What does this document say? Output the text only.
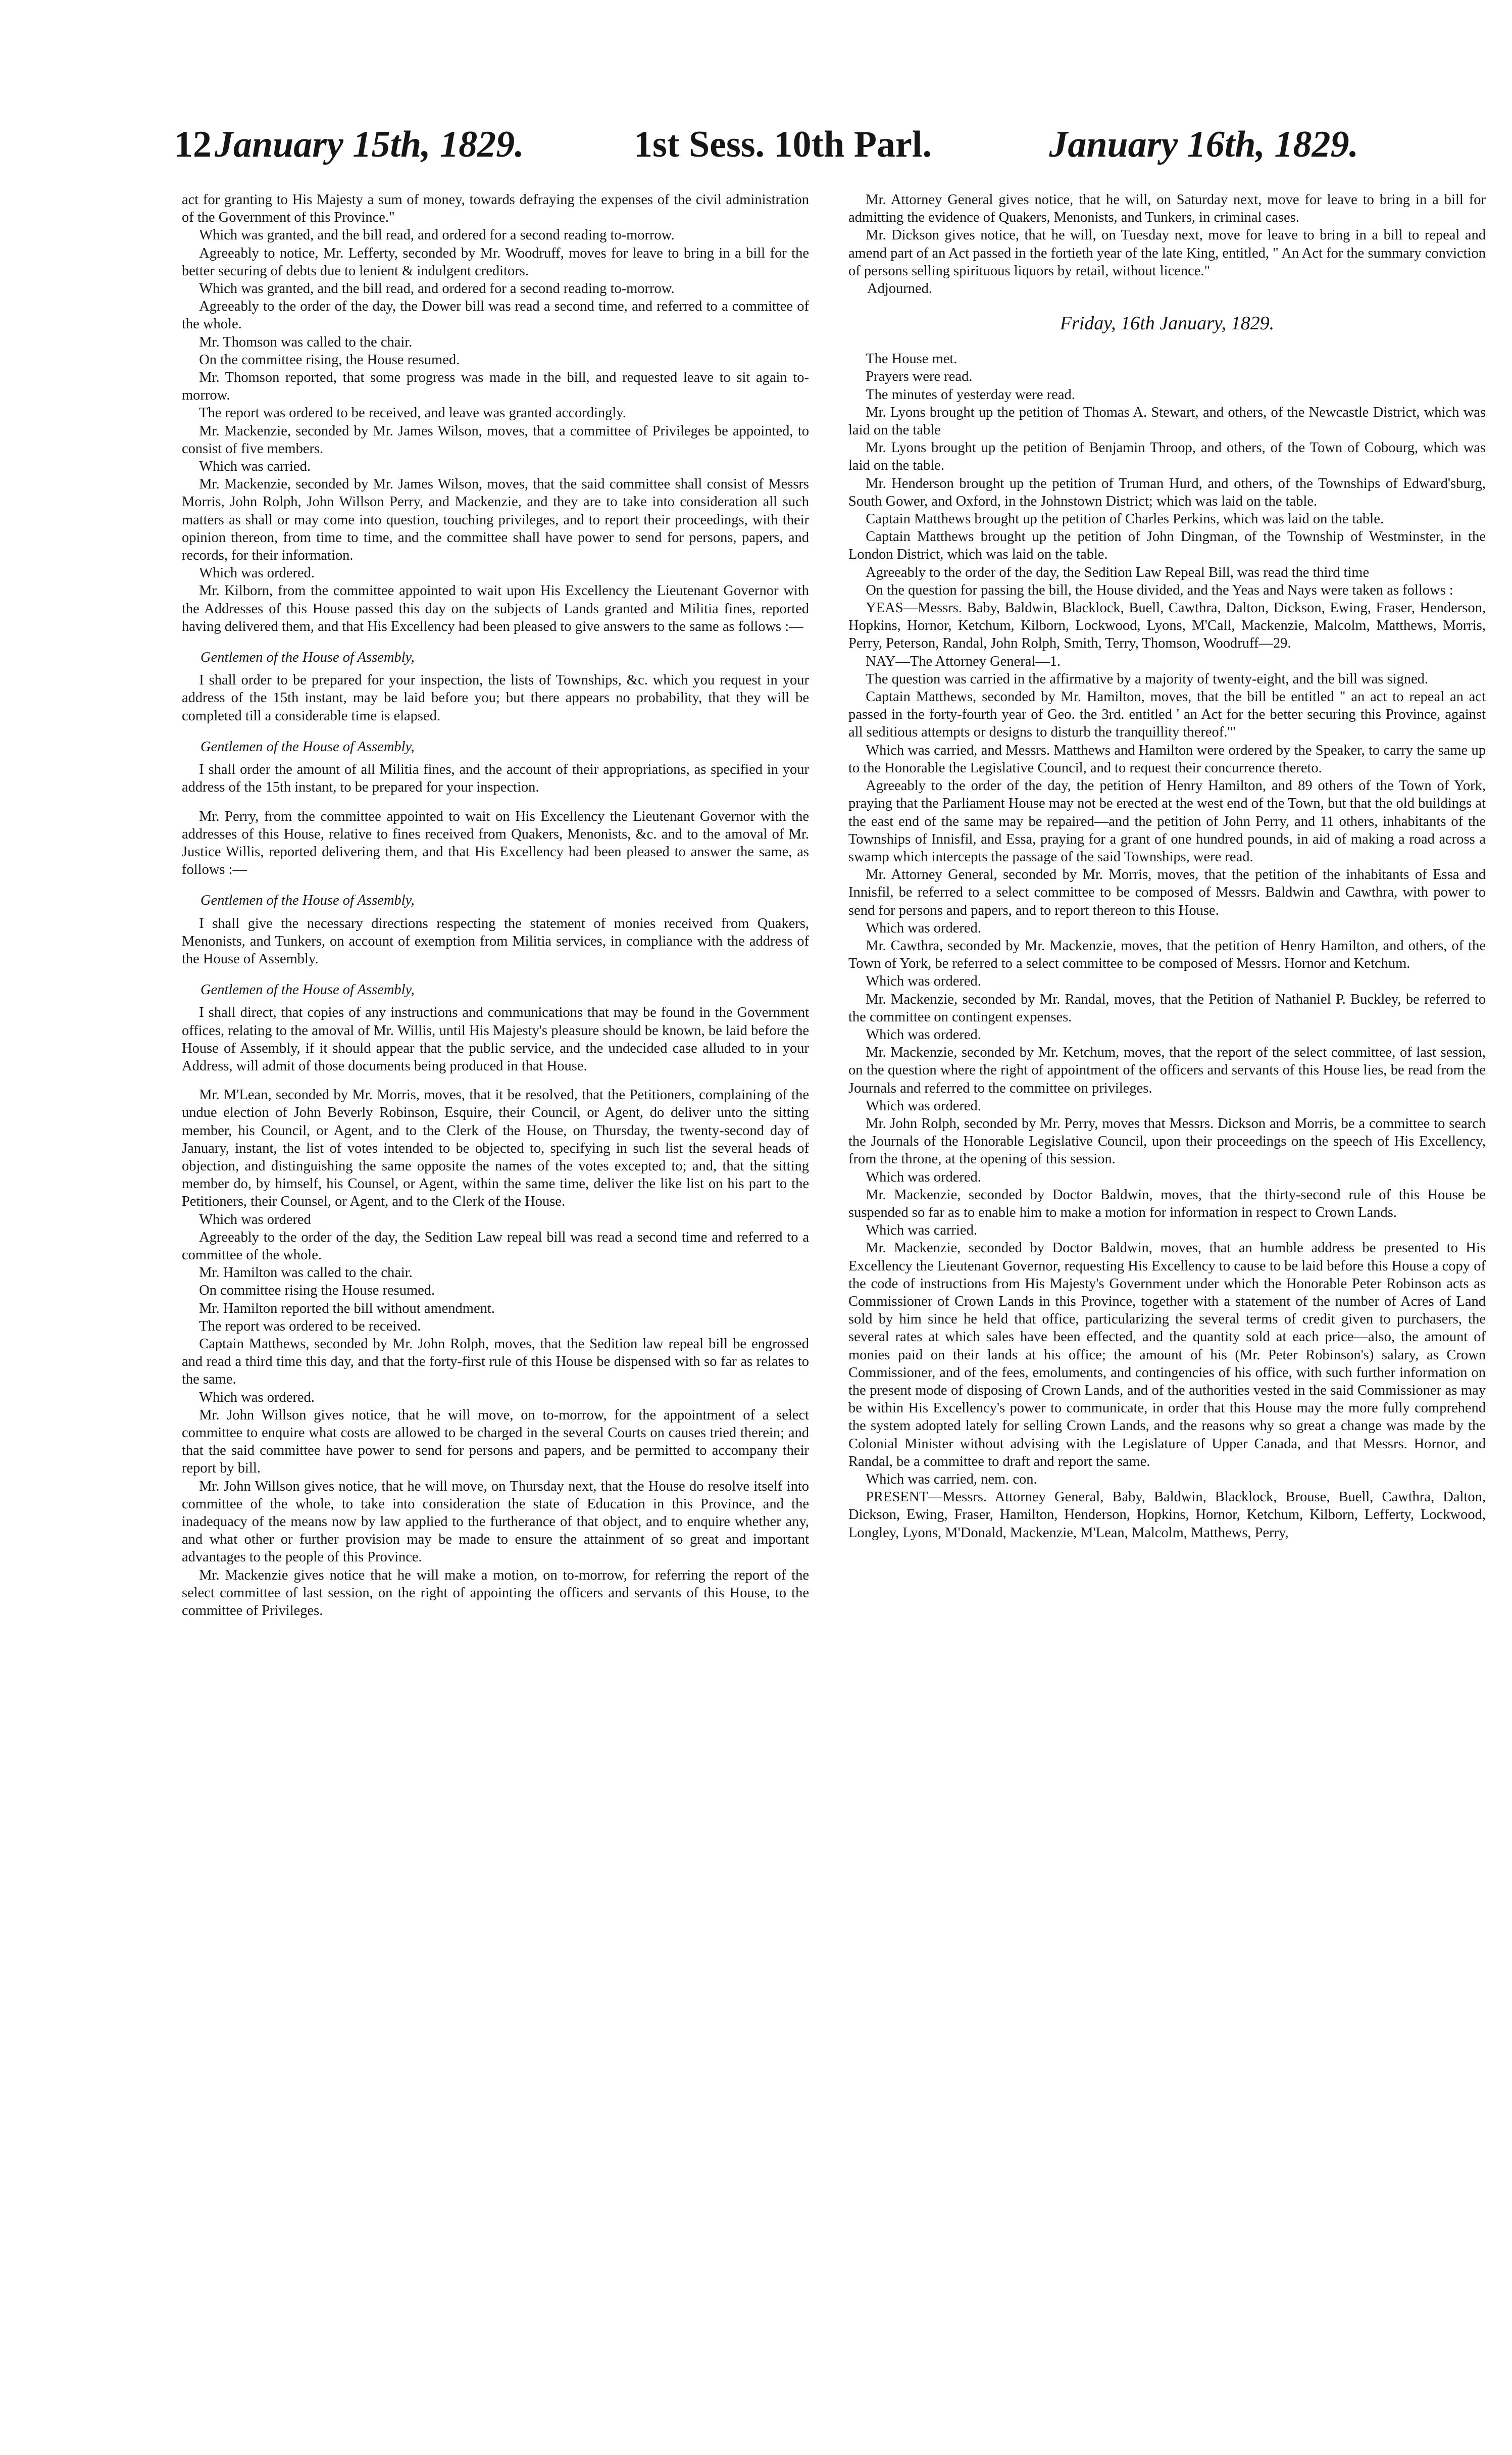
12 January 15th, 1829.	1st Sess. 10th Parl.	January 16th, 1829.

act for granting to His Majesty a sum of money, towards defraying the expenses of the civil administration of the Government of this Province."

Which was granted, and the bill read, and ordered for a second reading to-morrow.

Agreeably to notice, Mr. Lefferty, seconded by Mr. Woodruff, moves for leave to bring in a bill for the better securing of debts due to lenient & indulgent creditors.

Which was granted, and the bill read, and ordered for a second reading to-morrow.

Agreeably to the order of the day, the Dower bill was read a second time, and referred to a committee of the whole.

Mr. Thomson was called to the chair.

On the committee rising, the House resumed.

Mr. Thomson reported, that some progress was made in the bill, and requested leave to sit again to-morrow.

The report was ordered to be received, and leave was granted accordingly.

Mr. Mackenzie, seconded by Mr. James Wilson, moves, that a committee of Privileges be appointed, to consist of five members.

Which was carried.

Mr. Mackenzie, seconded by Mr. James Wilson, moves, that the said committee shall consist of Messrs Morris, John Rolph, John Willson Perry, and Mackenzie, and they are to take into consideration all such matters as shall or may come into question, touching privileges, and to report their proceedings, with their opinion thereon, from time to time, and the committee shall have power to send for persons, papers, and records, for their information.

Which was ordered.

Mr. Kilborn, from the committee appointed to wait upon His Excellency the Lieutenant Governor with the Addresses of this House passed this day on the subjects of Lands granted and Militia fines, reported having delivered them, and that His Excellency had been pleased to give answers to the same as follows :—

Gentlemen of the House of Assembly,

I shall order to be prepared for your inspection, the lists of Townships, &c. which you request in your address of the 15th instant, may be laid before you; but there appears no probability, that they will be completed till a considerable time is elapsed.

Gentlemen of the House of Assembly,

I shall order the amount of all Militia fines, and the account of their appropriations, as specified in your address of the 15th instant, to be prepared for your inspection.

Mr. Perry, from the committee appointed to wait on His Excellency the Lieutenant Governor with the addresses of this House, relative to fines received from Quakers, Menonists, &c. and to the amoval of Mr. Justice Willis, reported delivering them, and that His Excellency had been pleased to answer the same, as follows :—

Gentlemen of the House of Assembly,

I shall give the necessary directions respecting the statement of monies received from Quakers, Menonists, and Tunkers, on account of exemption from Militia services, in compliance with the address of the House of Assembly.

Gentlemen of the House of Assembly,

I shall direct, that copies of any instructions and communications that may be found in the Government offices, relating to the amoval of Mr. Willis, until His Majesty's pleasure should be known, be laid before the House of Assembly, if it should appear that the public service, and the undecided case alluded to in your Address, will admit of those documents being produced in that House.

Mr. M'Lean, seconded by Mr. Morris, moves, that it be resolved, that the Petitioners, complaining of the undue election of John Beverly Robinson, Esquire, their Council, or Agent, do deliver unto the sitting member, his Council, or Agent, and to the Clerk of the House, on Thursday, the twenty-second day of January, instant, the list of votes intended to be objected to, specifying in such list the several heads of objection, and distinguishing the same opposite the names of the votes excepted to; and, that the sitting member do, by himself, his Counsel, or Agent, within the same time, deliver the like list on his part to the Petitioners, their Counsel, or Agent, and to the Clerk of the House.

Which was ordered

Agreeably to the order of the day, the Sedition Law repeal bill was read a second time and referred to a committee of the whole.

Mr. Hamilton was called to the chair.

On committee rising the House resumed.

Mr. Hamilton reported the bill without amendment.

The report was ordered to be received.

Captain Matthews, seconded by Mr. John Rolph, moves, that the Sedition law repeal bill be engrossed and read a third time this day, and that the forty-first rule of this House be dispensed with so far as relates to the same.

Which was ordered.

Mr. John Willson gives notice, that he will move, on to-morrow, for the appointment of a select committee to enquire what costs are allowed to be charged in the several Courts on causes tried therein; and that the said committee have power to send for persons and papers, and be permitted to accompany their report by bill.

Mr. John Willson gives notice, that he will move, on Thursday next, that the House do resolve itself into committee of the whole, to take into consideration the state of Education in this Province, and the inadequacy of the means now by law applied to the furtherance of that object, and to enquire whether any, and what other or further provision may be made to ensure the attainment of so great and important advantages to the people of this Province.

Mr. Mackenzie gives notice that he will make a motion, on to-morrow, for referring the report of the select committee of last session, on the right of appointing the officers and servants of this House, to the committee of Privileges.

Mr. Attorney General gives notice, that he will, on Saturday next, move for leave to bring in a bill for admitting the evidence of Quakers, Menonists, and Tunkers, in criminal cases.

Mr. Dickson gives notice, that he will, on Tuesday next, move for leave to bring in a bill to repeal and amend part of an Act passed in the fortieth year of the late King, entitled, " An Act for the summary conviction of persons selling spirituous liquors by retail, without licence."

Adjourned.

Friday, 16th January, 1829.

The House met.

Prayers were read.

The minutes of yesterday were read.

Mr. Lyons brought up the petition of Thomas A. Stewart, and others, of the Newcastle District, which was laid on the table

Mr. Lyons brought up the petition of Benjamin Throop, and others, of the Town of Cobourg, which was laid on the table.

Mr. Henderson brought up the petition of Truman Hurd, and others, of the Townships of Edward'sburg, South Gower, and Oxford, in the Johnstown District; which was laid on the table.

Captain Matthews brought up the petition of Charles Perkins, which was laid on the table.

Captain Matthews brought up the petition of John Dingman, of the Township of Westminster, in the London District, which was laid on the table.

Agreeably to the order of the day, the Sedition Law Repeal Bill, was read the third time

On the question for passing the bill, the House divided, and the Yeas and Nays were taken as follows :

YEAS—Messrs. Baby, Baldwin, Blacklock, Buell, Cawthra, Dalton, Dickson, Ewing, Fraser, Henderson, Hopkins, Hornor, Ketchum, Kilborn, Lockwood, Lyons, M'Call, Mackenzie, Malcolm, Matthews, Morris, Perry, Peterson, Randal, John Rolph, Smith, Terry, Thomson, Woodruff—29.

NAY—The Attorney General—1.

The question was carried in the affirmative by a majority of twenty-eight, and the bill was signed.

Captain Matthews, seconded by Mr. Hamilton, moves, that the bill be entitled " an act to repeal an act passed in the forty-fourth year of Geo. the 3rd. entitled ' an Act for the better securing this Province, against all seditious attempts or designs to disturb the tranquillity thereof.'"

Which was carried, and Messrs. Matthews and Hamilton were ordered by the Speaker, to carry the same up to the Honorable the Legislative Council, and to request their concurrence thereto.

Agreeably to the order of the day, the petition of Henry Hamilton, and 89 others of the Town of York, praying that the Parliament House may not be erected at the west end of the Town, but that the old buildings at the east end of the same may be repaired—and the petition of John Perry, and 11 others, inhabitants of the Townships of Innisfil, and Essa, praying for a grant of one hundred pounds, in aid of making a road across a swamp which intercepts the passage of the said Townships, were read.

Mr. Attorney General, seconded by Mr. Morris, moves, that the petition of the inhabitants of Essa and Innisfil, be referred to a select committee to be composed of Messrs. Baldwin and Cawthra, with power to send for persons and papers, and to report thereon to this House.

Which was ordered.

Mr. Cawthra, seconded by Mr. Mackenzie, moves, that the petition of Henry Hamilton, and others, of the Town of York, be referred to a select committee to be composed of Messrs. Hornor and Ketchum.

Which was ordered.

Mr. Mackenzie, seconded by Mr. Randal, moves, that the Petition of Nathaniel P. Buckley, be referred to the committee on contingent expenses.

Which was ordered.

Mr. Mackenzie, seconded by Mr. Ketchum, moves, that the report of the select committee, of last session, on the question where the right of appointment of the officers and servants of this House lies, be read from the Journals and referred to the committee on privileges.

Which was ordered.

Mr. John Rolph, seconded by Mr. Perry, moves that Messrs. Dickson and Morris, be a committee to search the Journals of the Honorable Legislative Council, upon their proceedings on the speech of His Excellency, from the throne, at the opening of this session.

Which was ordered.

Mr. Mackenzie, seconded by Doctor Baldwin, moves, that the thirty-second rule of this House be suspended so far as to enable him to make a motion for information in respect to Crown Lands.

Which was carried.

Mr. Mackenzie, seconded by Doctor Baldwin, moves, that an humble address be presented to His Excellency the Lieutenant Governor, requesting His Excellency to cause to be laid before this House a copy of the code of instructions from His Majesty's Government under which the Honorable Peter Robinson acts as Commissioner of Crown Lands in this Province, together with a statement of the number of Acres of Land sold by him since he held that office, particularizing the several terms of credit given to purchasers, the several rates at which sales have been effected, and the quantity sold at each price—also, the amount of monies paid on their lands at his office; the amount of his (Mr. Peter Robinson's) salary, as Crown Commissioner, and of the fees, emoluments, and contingencies of his office, with such further information on the present mode of disposing of Crown Lands, and of the authorities vested in the said Commissioner as may be within His Excellency's power to communicate, in order that this House may the more fully comprehend the system adopted lately for selling Crown Lands, and the reasons why so great a change was made by the Colonial Minister without advising with the Legislature of Upper Canada, and that Messrs. Hornor, and Randal, be a committee to draft and report the same.

Which was carried, nem. con.

PRESENT—Messrs. Attorney General, Baby, Baldwin, Blacklock, Brouse, Buell, Cawthra, Dalton, Dickson, Ewing, Fraser, Hamilton, Henderson, Hopkins, Hornor, Ketchum, Kilborn, Lefferty, Lockwood, Longley, Lyons, M'Donald, Mackenzie, M'Lean, Malcolm, Matthews, Perry,
